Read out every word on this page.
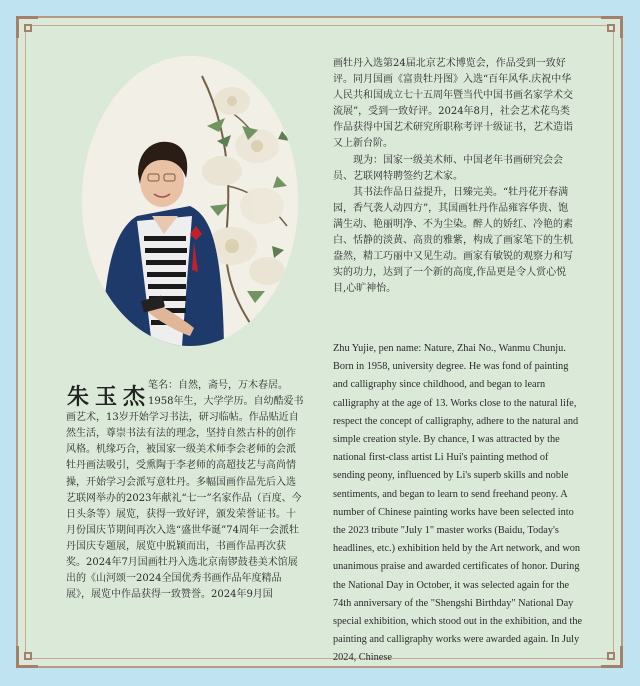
朱玉杰
笔名：自然，斋号，万木春居。1958年生，大学学历。自幼酷爱书画艺术，13岁开始学习书法，研习临帖。作品贴近自然生活，尊崇书法有法的理念，坚持自然古朴的创作风格。机缘巧合，被国家一级美术师李会老师的会派牡丹画法吸引，受熏陶于李老师的高超技艺与高尚情操，开始学习会派写意牡丹。多幅国画作品先后入选艺联网举办的2023年献礼“七一”名家作品（百度、今日头条等）展览，获得一致好评，颁发荣誉证书。十月份国庆节期间再次入选“盛世华诞”74周年一会派牡丹国庆专题展，展览中脱颖而出，书画作品再次获奖。2024年7月国画牡丹入选北京南锣鼓巷美术馆展出的《山河颂一2024全国优秀书画作品年度精品展》，展览中作品获得一致赞誉。2024年9月国

画牡丹入选第24届北京艺术博览会，作品受到一致好评。同月国画《富贵牡丹图》入选“百年风华.庆祝中华人民共和国成立七十五周年暨当代中国书画名家学术交流展”，受到一致好评。2024年8月，社会艺术花鸟类作品获得中国艺术研究所职称考评十级证书，艺术造诣又上新台阶。

现为：国家一级美术师、中国老年书画研究会会员、艺联网特聘签约艺术家。

其书法作品日益提升，日臻完美。“牡丹花开春满园，香气袭人动四方”，其国画牡丹作品雍容华贵、饱满生动、艳丽明净、不为尘染。醉人的娇红、冷艳的素白、恬静的淡黄、高贵的雅紫，构成了画家笔下的生机盎然，精工巧丽中又见生动。画家有敏锐的观察力和写实的功力，达到了一个新的高度,作品更是令人赏心悦目,心旷神怡。

Zhu Yujie, pen name: Nature, Zhai No., Wanmu Chunju. Born in 1958, university degree. He was fond of painting and calligraphy since childhood, and began to learn calligraphy at the age of 13. Works close to the natural life, respect the concept of calligraphy, adhere to the natural and simple creation style. By chance, I was attracted by the national first-class artist Li Hui's painting method of sending peony, influenced by Li's superb skills and noble sentiments, and began to learn to send freehand peony. A number of Chinese painting works have been selected into the 2023 tribute "July 1" master works (Baidu, Today's headlines, etc.) exhibition held by the Art network, and won unanimous praise and awarded certificates of honor. During the National Day in October, it was selected again for the 74th anniversary of the "Shengshi Birthday" National Day special exhibition, which stood out in the exhibition, and the painting and calligraphy works were awarded again. In July 2024, Chinese
